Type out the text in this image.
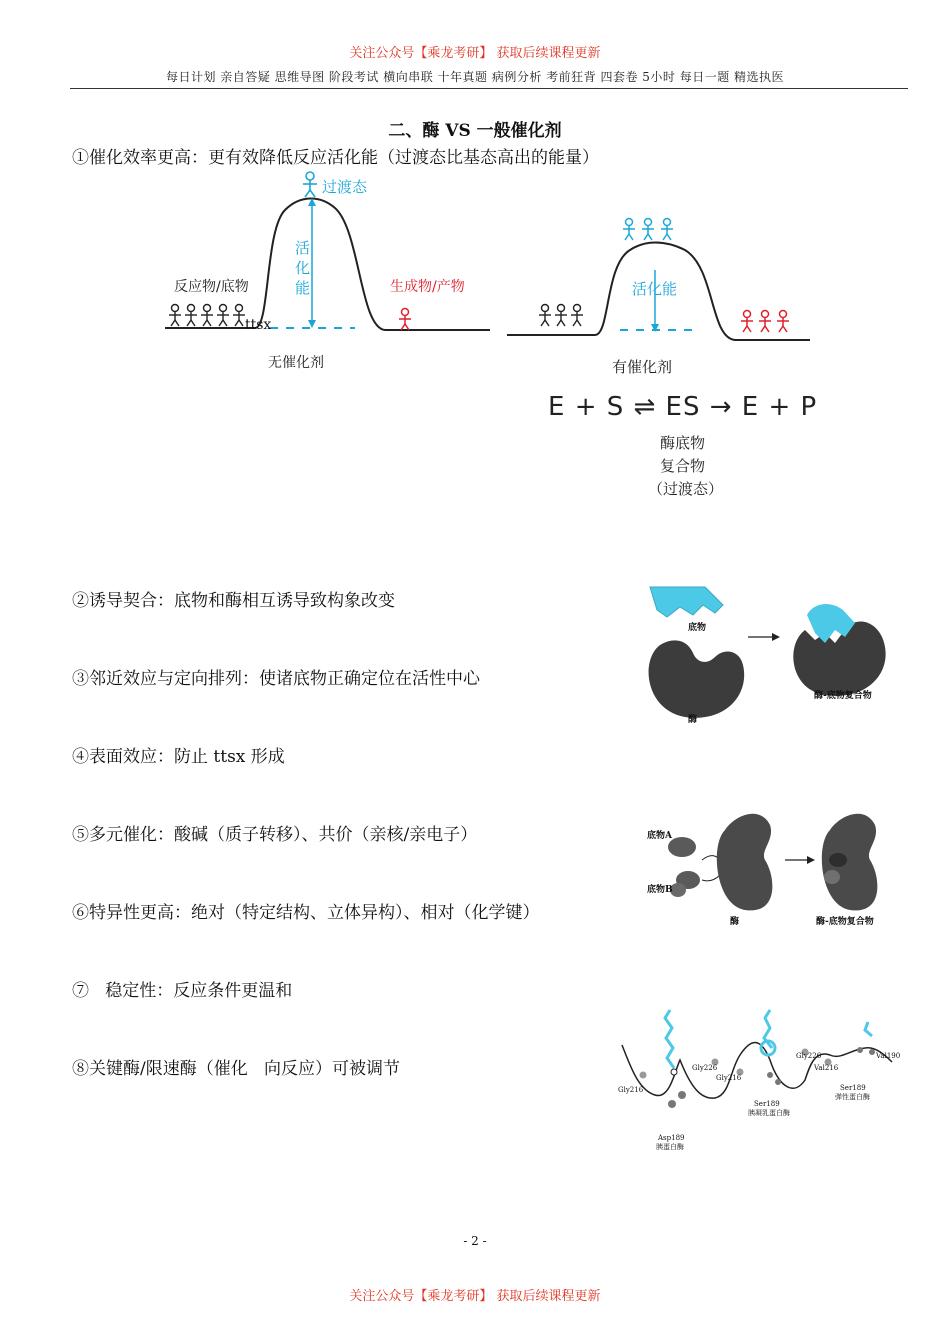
关注公众号【乘龙考研】 获取后续课程更新
每日计划 亲自答疑 思维导图 阶段考试 横向串联 十年真题 病例分析 考前狂背 四套卷 5小时 每日一题 精选执医
二、酶 VS 一般催化剂
①催化效率更高：更有效降低反应活化能（过渡态比基态高出的能量）
反应物/底物	生成物/产物
过渡态
活化能
ttsx
无催化剂
活化能
有催化剂
E + S ⇌ ES → E + P
酶底物
复合物
（过渡态）
②诱导契合：底物和酶相互诱导致构象改变
③邻近效应与定向排列：使诸底物正确定位在活性中心
④表面效应：防止 ttsx 形成
⑤多元催化：酸碱（质子转移）、共价（亲核/亲电子）
⑥特异性更高：绝对（特定结构、立体异构）、相对（化学键）
⑦   稳定性：反应条件更温和
⑧关键酶/限速酶（催化   向反应）可被调节
底物
酶
酶-底物复合物
底物A
底物B
酶	酶-底物复合物
Gly216
Gly226
Asp189
胰蛋白酶
Gly216
Gly226
Ser189
胰凝乳蛋白酶
Val216
Val190
Ser189
弹性蛋白酶
- 2 -
关注公众号【乘龙考研】 获取后续课程更新
